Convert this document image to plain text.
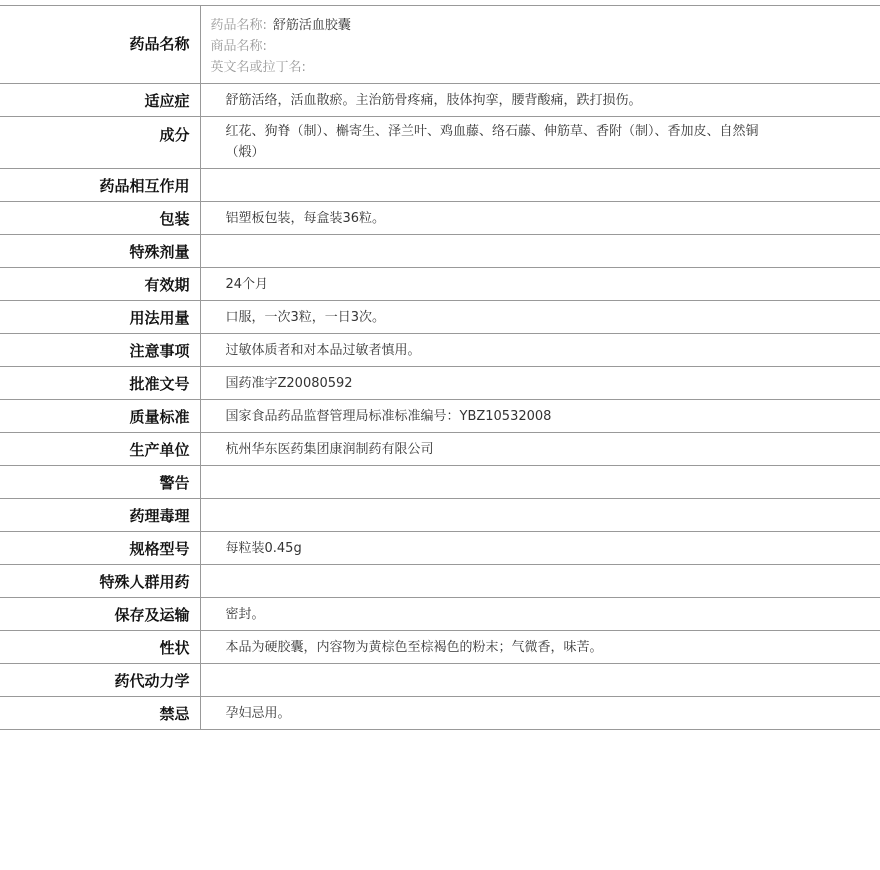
药品名称	药品名称: 舒筋活血胶囊
商品名称:
英文名或拉丁名:

适应症	舒筋活络，活血散瘀。主治筋骨疼痛，肢体拘挛，腰背酸痛，跌打损伤。
成分	红花、狗脊（制）、槲寄生、泽兰叶、鸡血藤、络石藤、伸筋草、香附（制）、香加皮、自然铜（煅）
药品相互作用	
包装	铝塑板包装，每盒装36粒。
特殊剂量	
有效期	24个月
用法用量	口服，一次3粒，一日3次。
注意事项	过敏体质者和对本品过敏者慎用。
批准文号	国药准字Z20080592
质量标准	国家食品药品监督管理局标准标准编号：YBZ10532008
生产单位	杭州华东医药集团康润制药有限公司
警告	
药理毒理	
规格型号	每粒装0.45g
特殊人群用药	
保存及运输	密封。
性状	本品为硬胶囊，内容物为黄棕色至棕褐色的粉末；气微香，味苦。
药代动力学	
禁忌	孕妇忌用。
